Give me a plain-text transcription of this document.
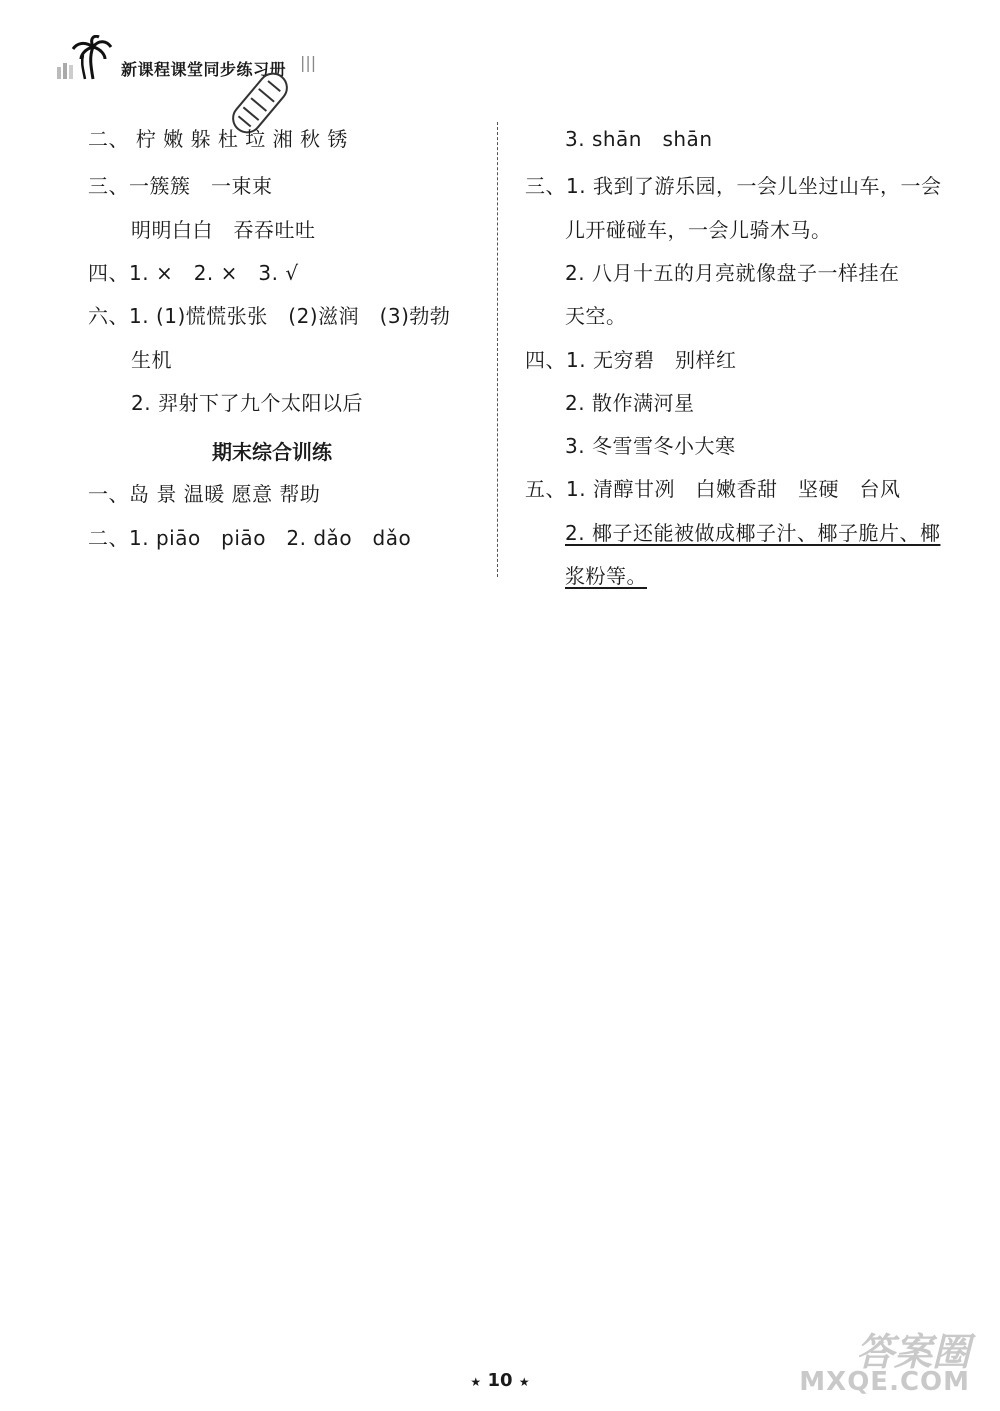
新课程课堂同步练习册 |||
二、 柠 嫩 躲 杜 垃 湘 秋 锈
三、一簇簇　一束束
明明白白　吞吞吐吐
四、1. ×　2. ×　3. √
六、1. (1)慌慌张张　(2)滋润　(3)勃勃
生机
2. 羿射下了九个太阳以后
期末综合训练
一、岛 景 温暖 愿意 帮助
二、1. piāo　piāo　2. dǎo　dǎo
3. shān　shān
三、1. 我到了游乐园，一会儿坐过山车，一会
儿开碰碰车，一会儿骑木马。
2. 八月十五的月亮就像盘子一样挂在
天空。
四、1. 无穷碧　别样红
2. 散作满河星
3. 冬雪雪冬小大寒
五、1. 清醇甘冽　白嫩香甜　坚硬　台风
2. 椰子还能被做成椰子汁、椰子脆片、椰
浆粉等。
★ 10 ★
答案圈
MXQE.COM
